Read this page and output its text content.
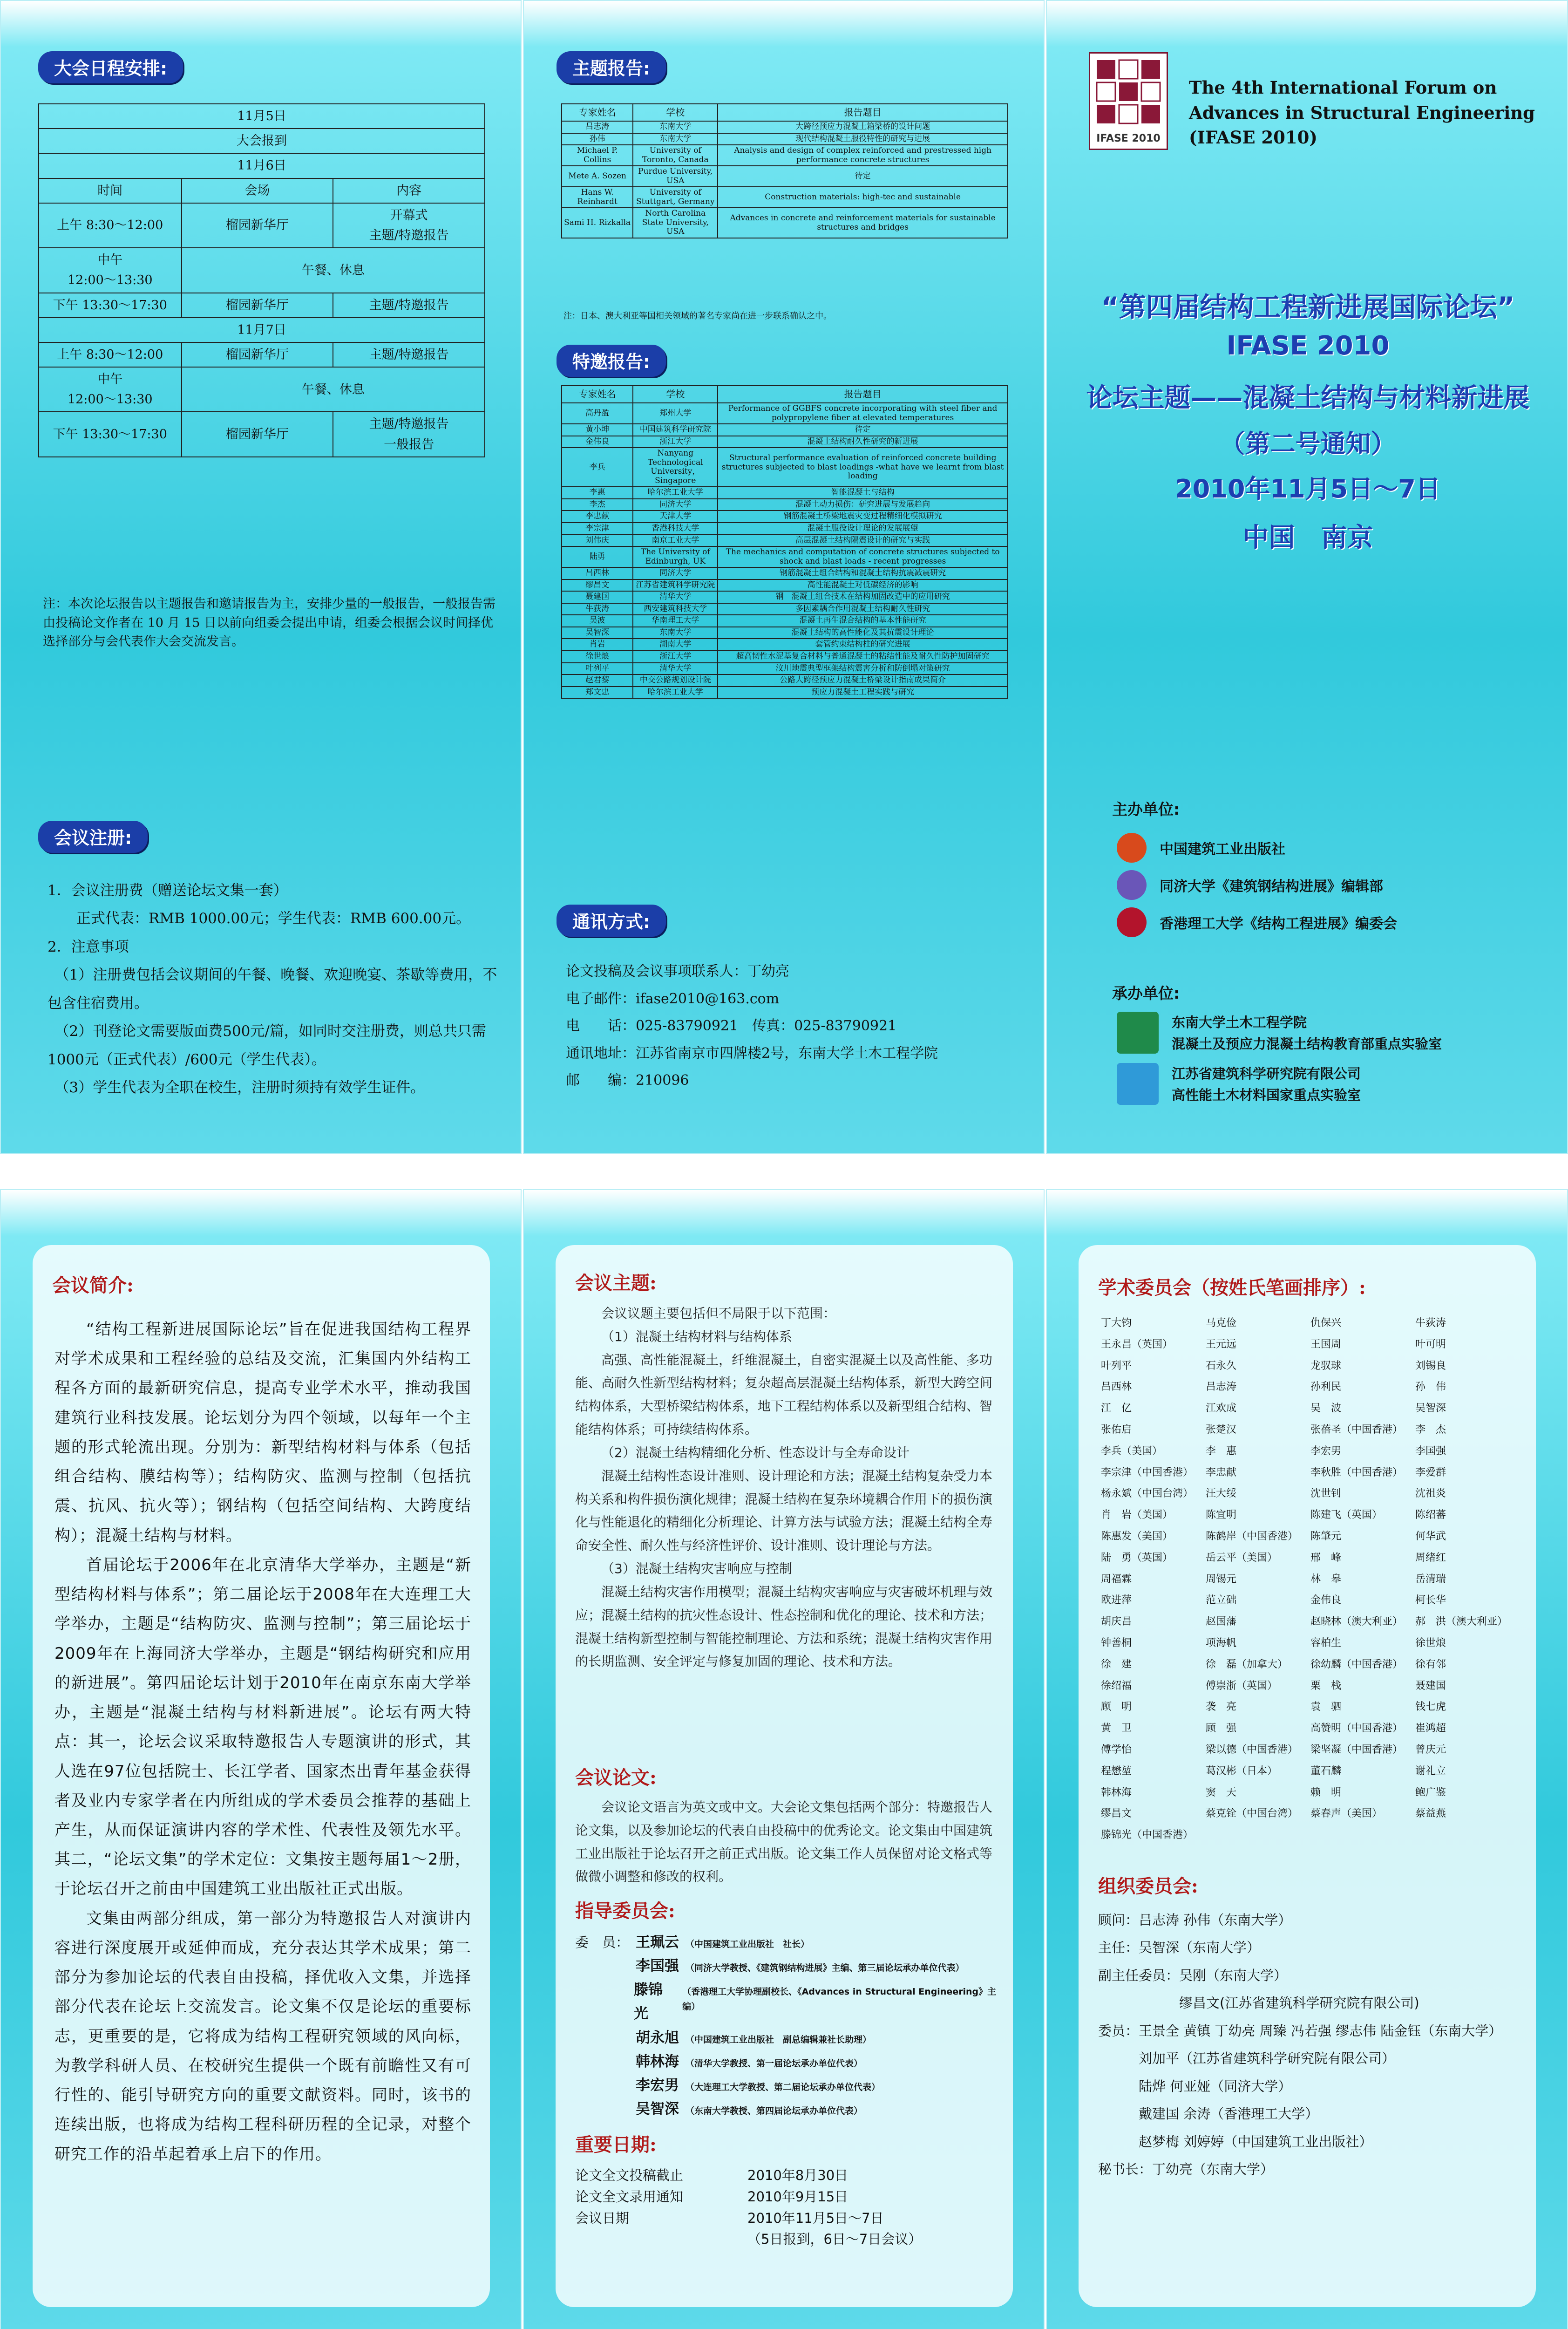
大会日程安排:
11月5日		
大会报到		
11月6日		
时间	会场	内容
上午 8:30～12:00	榴园新华厅	开幕式
主题/特邀报告

中午
12:00～13:30	午餐、休息	
下午 13:30～17:30	榴园新华厅	主题/特邀报告
11月7日		
上午 8:30～12:00	榴园新华厅	主题/特邀报告

中午
12:00～13:30	午餐、休息	
下午 13:30～17:30	榴园新华厅	主题/特邀报告
一般报告
注：本次论坛报告以主题报告和邀请报告为主，安排少量的一般报告，一般报告需由投稿论文作者在 10 月 15 日以前向组委会提出申请，组委会根据会议时间择优选择部分与会代表作大会交流发言。
会议注册:
1．会议注册费（赠送论坛文集一套）
　　正式代表：RMB 1000.00元；学生代表：RMB 600.00元。
2．注意事项
　（1）注册费包括会议期间的午餐、晚餐、欢迎晚宴、茶歇等费用，不包含住宿费用。
　（2）刊登论文需要版面费500元/篇，如同时交注册费，则总共只需1000元（正式代表）/600元（学生代表）。
　（3）学生代表为全职在校生，注册时须持有效学生证件。
主题报告:
专家姓名	学校	报告题目
吕志涛	东南大学	大跨径预应力混凝土箱梁桥的设计问题
孙伟	东南大学	现代结构混凝土服役特性的研究与进展
Michael P. Collins	University of Toronto, Canada	Analysis and design of complex reinforced and prestressed high performance concrete structures
Mete A. Sozen	Purdue University, USA	待定
Hans W. Reinhardt	University of Stuttgart, Germany	Construction materials: high-tec and sustainable
Sami H. Rizkalla	North Carolina State University, USA	Advances in concrete and reinforcement materials for sustainable structures and bridges
注：日本、澳大利亚等国相关领域的著名专家尚在进一步联系确认之中。
特邀报告:
专家姓名	学校	报告题目
高丹盈	郑州大学	Performance of GGBFS concrete incorporating with steel fiber and polypropylene fiber at elevated temperatures
黄小坤	中国建筑科学研究院	待定
金伟良	浙江大学	混凝土结构耐久性研究的新进展
李兵	Nanyang Technological University，Singapore	Structural performance evaluation of reinforced concrete building structures subjected to blast loadings -what have we learnt from blast loading
李惠	哈尔滨工业大学	智能混凝土与结构
李杰	同济大学	混凝土动力损伤：研究进展与发展趋向
李忠献	天津大学	钢筋混凝土桥梁地震灾变过程精细化模拟研究
李宗津	香港科技大学	混凝土服役设计理论的发展展望
刘伟庆	南京工业大学	高层混凝土结构隔震设计的研究与实践
陆勇	The University of Edinburgh, UK	The mechanics and computation of concrete structures subjected to shock and blast loads - recent progresses
吕西林	同济大学	钢筋混凝土组合结构和混凝土结构抗震减震研究
缪昌文	江苏省建筑科学研究院	高性能混凝土对低碳经济的影响
聂建国	清华大学	钢－混凝土组合技术在结构加固改造中的应用研究
牛荻涛	西安建筑科技大学	多因素耦合作用混凝土结构耐久性研究
吴波	华南理工大学	混凝土再生混合结构的基本性能研究
吴智深	东南大学	混凝土结构的高性能化及其抗震设计理论
肖岩	湖南大学	套管约束结构柱的研究进展
徐世烺	浙江大学	超高韧性水泥基复合材料与普通混凝土的粘结性能及耐久性防护加固研究
叶列平	清华大学	汶川地震典型框架结构震害分析和防倒塌对策研究
赵君黎	中交公路规划设计院	公路大跨径预应力混凝土桥梁设计指南成果简介
郑文忠	哈尔滨工业大学	预应力混凝土工程实践与研究
通讯方式:
论文投稿及会议事项联系人：丁幼亮
电子邮件：ifase2010@163.com
电　　话：025-83790921　传真：025-83790921
通讯地址：江苏省南京市四牌楼2号，东南大学土木工程学院
邮　　编：210096
IFASE 2010
The 4th International Forum on Advances in Structural Engineering (IFASE 2010)
“第四届结构工程新进展国际论坛”
IFASE 2010
论坛主题——混凝土结构与材料新进展
（第二号通知）
2010年11月5日～7日
中国　南京
主办单位:
中国建筑工业出版社
同济大学《建筑钢结构进展》编辑部
香港理工大学《结构工程进展》编委会
承办单位:
东南大学土木工程学院
混凝土及预应力混凝土结构教育部重点实验室
江苏省建筑科学研究院有限公司
高性能土木材料国家重点实验室
会议简介:

“结构工程新进展国际论坛”旨在促进我国结构工程界对学术成果和工程经验的总结及交流，汇集国内外结构工程各方面的最新研究信息，提高专业学术水平，推动我国建筑行业科技发展。论坛划分为四个领域，以每年一个主题的形式轮流出现。分别为：新型结构材料与体系（包括组合结构、膜结构等）；结构防灾、监测与控制（包括抗震、抗风、抗火等）；钢结构（包括空间结构、大跨度结构）；混凝土结构与材料。

首届论坛于2006年在北京清华大学举办，主题是“新型结构材料与体系”；第二届论坛于2008年在大连理工大学举办，主题是“结构防灾、监测与控制”；第三届论坛于2009年在上海同济大学举办，主题是“钢结构研究和应用的新进展”。第四届论坛计划于2010年在南京东南大学举办，主题是“混凝土结构与材料新进展”。论坛有两大特点：其一，论坛会议采取特邀报告人专题演讲的形式，其人选在97位包括院士、长江学者、国家杰出青年基金获得者及业内专家学者在内所组成的学术委员会推荐的基础上产生，从而保证演讲内容的学术性、代表性及领先水平。其二，“论坛文集”的学术定位：文集按主题每届1～2册，于论坛召开之前由中国建筑工业出版社正式出版。

文集由两部分组成，第一部分为特邀报告人对演讲内容进行深度展开或延伸而成，充分表达其学术成果；第二部分为参加论坛的代表自由投稿，择优收入文集，并选择部分代表在论坛上交流发言。论文集不仅是论坛的重要标志，更重要的是，它将成为结构工程研究领域的风向标，为教学科研人员、在校研究生提供一个既有前瞻性又有可行性的、能引导研究方向的重要文献资料。同时，该书的连续出版，也将成为结构工程科研历程的全记录，对整个研究工作的沿革起着承上启下的作用。

会议主题:

会议议题主要包括但不局限于以下范围：

（1）混凝土结构材料与结构体系

高强、高性能混凝土，纤维混凝土，自密实混凝土以及高性能、多功能、高耐久性新型结构材料；复杂超高层混凝土结构体系，新型大跨空间结构体系，大型桥梁结构体系，地下工程结构体系以及新型组合结构、智能结构体系；可持续结构体系。

（2）混凝土结构精细化分析、性态设计与全寿命设计

混凝土结构性态设计准则、设计理论和方法；混凝土结构复杂受力本构关系和构件损伤演化规律；混凝土结构在复杂环境耦合作用下的损伤演化与性能退化的精细化分析理论、计算方法与试验方法；混凝土结构全寿命安全性、耐久性与经济性评价、设计准则、设计理论与方法。

（3）混凝土结构灾害响应与控制

混凝土结构灾害作用模型；混凝土结构灾害响应与灾害破坏机理与效应；混凝土结构的抗灾性态设计、性态控制和优化的理论、技术和方法；混凝土结构新型控制与智能控制理论、方法和系统；混凝土结构灾害作用的长期监测、安全评定与修复加固的理论、技术和方法。

会议论文:

会议论文语言为英文或中文。大会论文集包括两个部分：特邀报告人论文集，以及参加论坛的代表自由投稿中的优秀论文。论文集由中国建筑工业出版社于论坛召开之前正式出版。论文集工作人员保留对论文格式等做微小调整和修改的权利。

指导委员会:
委　员： 王珮云 （中国建筑工业出版社　社长）
李国强 （同济大学教授、《建筑钢结构进展》主编、第三届论坛承办单位代表）
滕锦光
（香港理工大学协理副校长、《Advances in Structural Engineering》主编）
胡永旭 （中国建筑工业出版社　副总编辑兼社长助理）
韩林海 （清华大学教授、第一届论坛承办单位代表）
李宏男 （大连理工大学教授、第二届论坛承办单位代表）
吴智深 （东南大学教授、第四届论坛承办单位代表）
重要日期:
论文全文投稿截止	2010年8月30日
论文全文录用通知	2010年9月15日
会议日期	2010年11月5日～7日
	（5日报到，6日～7日会议）
学术委员会（按姓氏笔画排序）:
丁大钧	马克俭	仇保兴	牛荻涛
王永昌（英国）	王元远	王国周	叶可明
叶列平	石永久	龙驭球	刘锡良
吕西林	吕志涛	孙利民	孙　伟
江　亿	江欢成	吴　波	吴智深
张佑启	张楚汉	张蓓圣（中国香港）	李　杰
李兵（美国）	李　惠	李宏男	李国强
李宗津（中国香港）	李忠献	李秋胜（中国香港）	李爱群
杨永斌（中国台湾）	汪大绥	沈世钊	沈祖炎
肖　岩（美国）	陈宜明	陈建飞（英国）	陈绍蕃
陈惠发（美国）	陈鹤岸（中国香港）	陈肇元	何华武
陆　勇（英国）	岳云平（美国）	邢　峰	周绪红
周福霖	周锡元	林　皋	岳清瑞
欧进萍	范立础	金伟良	柯长华
胡庆昌	赵国藩	赵晓林（澳大利亚）	郝　洪（澳大利亚）
钟善桐	项海帆	容柏生	徐世烺
徐　建	徐　磊（加拿大）	徐幼麟（中国香港）	徐有邻
徐绍福	傅崇浙（英国）	栗　栈	聂建国
顾　明	袭　亮	袁　驷	钱七虎
黄　卫	顾　强	高赞明（中国香港）	崔鸿超
傅学怡	梁以德（中国香港）	梁坚凝（中国香港）	曾庆元
程懋堃	葛汉彬（日本）	董石麟	谢礼立
韩林海	窦　天	赖　明	鲍广鉴
缪昌文	蔡克铨（中国台湾）	蔡春声（美国）	蔡益燕
滕锦光（中国香港）			
组织委员会:
顾问：吕志涛 孙伟（东南大学）
主任：吴智深（东南大学）
副主任委员：吴刚（东南大学）
　　　　　　缪昌文(江苏省建筑科学研究院有限公司)
委员：王景全 黄镇 丁幼亮 周臻 冯若强 缪志伟 陆金钰（东南大学）
　　　刘加平（江苏省建筑科学研究院有限公司）
　　　陆烨 何亚娅（同济大学）
　　　戴建国 余涛（香港理工大学）
　　　赵梦梅 刘婷婷（中国建筑工业出版社）
秘书长：丁幼亮（东南大学）
